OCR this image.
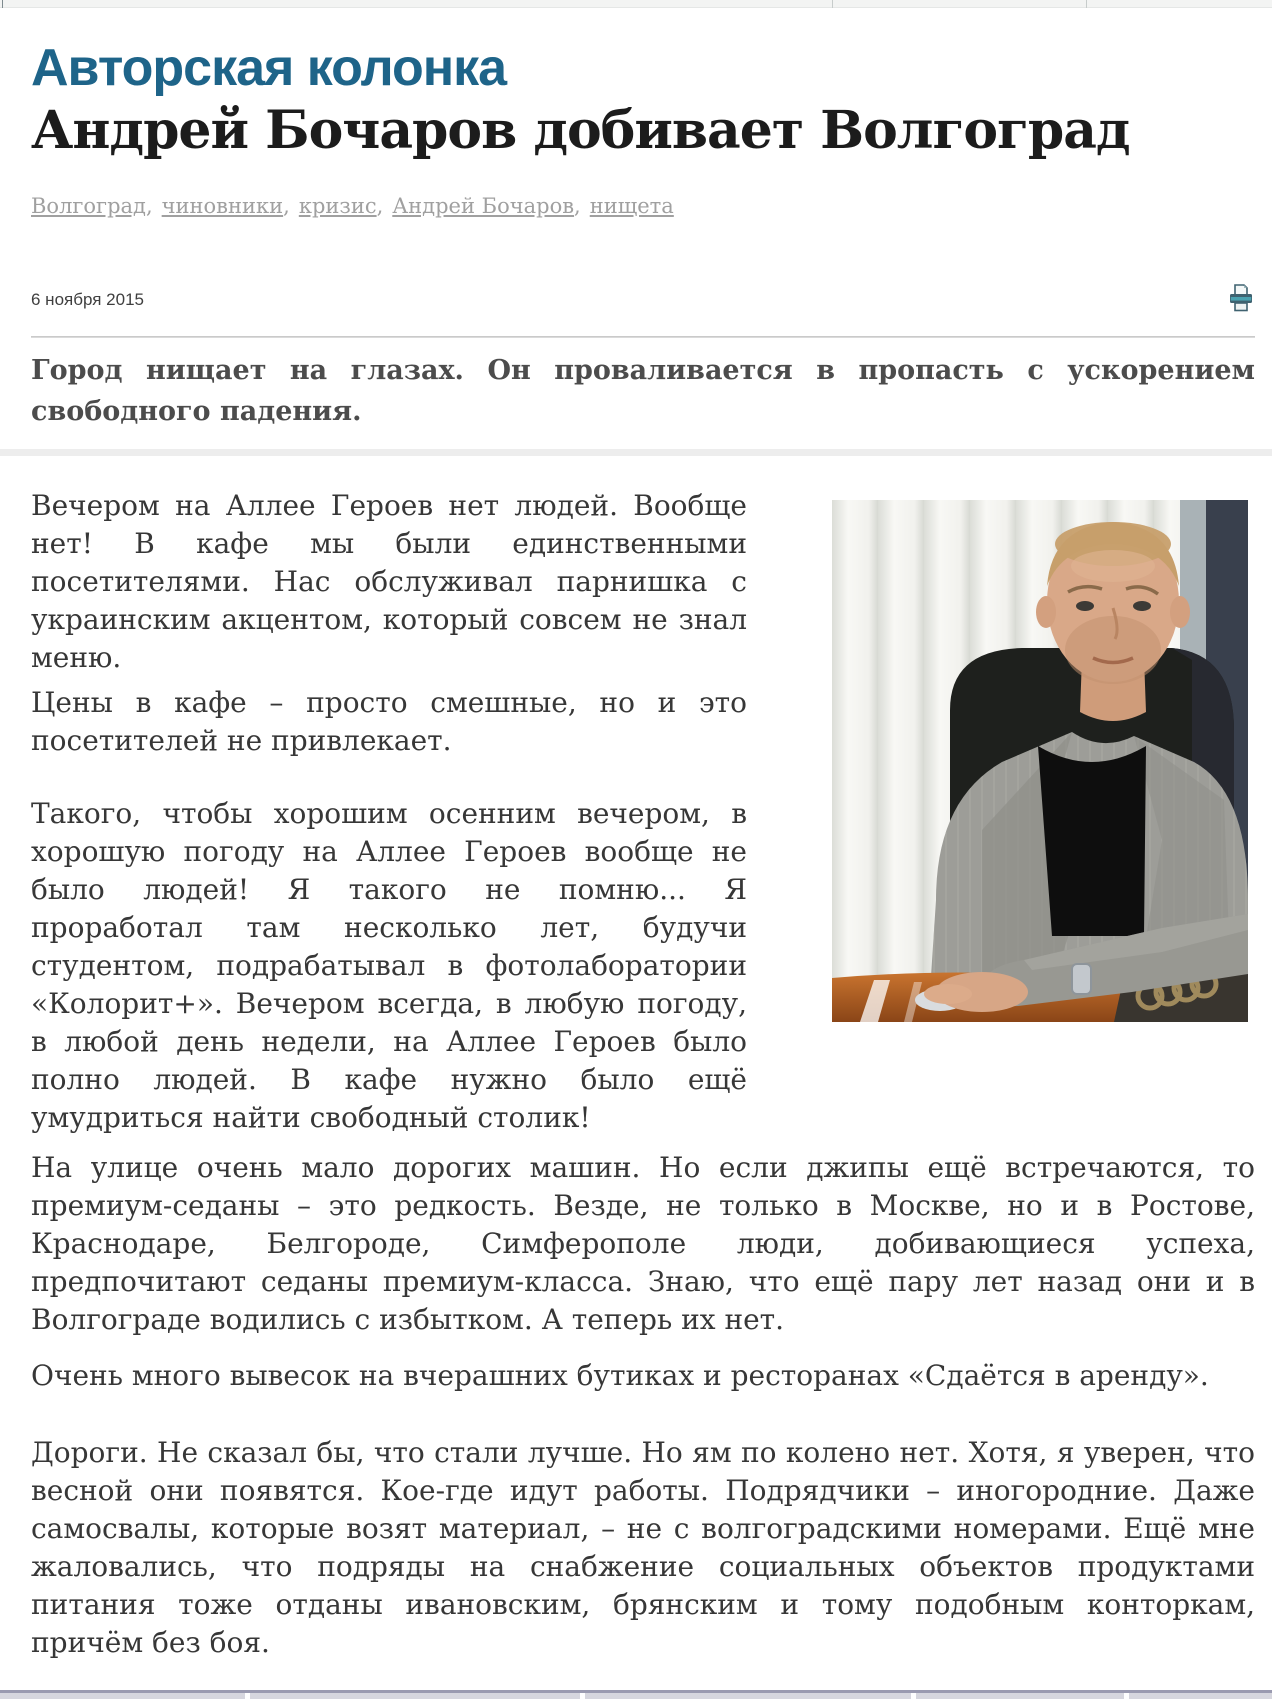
Авторская колонка
Андрей Бочаров добивает Волгоград
Волгоград, чиновники, кризис, Андрей Бочаров, нищета
6 ноября 2015

Город нищает на глазах. Он проваливается в пропасть с ускорением свободного падения.

Вечером на Аллее Героев нет людей. Вообще нет! В кафе мы были единственными посетителями. Нас обслуживал парнишка с украинским акцентом, который совсем не знал меню.

Цены в кафе – просто смешные, но и это посетителей не привлекает.

Такого, чтобы хорошим осенним вечером, в хорошую погоду на Аллее Героев вообще не было людей! Я такого не помню... Я проработал там несколько лет, будучи студентом, подрабатывал в фотолаборатории «Колорит+». Вечером всегда, в любую погоду, в любой день недели, на Аллее Героев было полно людей. В кафе нужно было ещё умудриться найти свободный столик!

На улице очень мало дорогих машин. Но если джипы ещё встречаются, то премиум-седаны – это редкость. Везде, не только в Москве, но и в Ростове, Краснодаре, Белгороде, Симферополе люди, добивающиеся успеха, предпочитают седаны премиум-класса. Знаю, что ещё пару лет назад они и в Волгограде водились с избытком. А теперь их нет.

Очень много вывесок на вчерашних бутиках и ресторанах «Сдаётся в аренду».

Дороги. Не сказал бы, что стали лучше. Но ям по колено нет. Хотя, я уверен, что весной они появятся. Кое-где идут работы. Подрядчики – иногородние. Даже самосвалы, которые возят материал, – не с волгоградскими номерами. Ещё мне жаловались, что подряды на снабжение социальных объектов продуктами питания тоже отданы ивановским, брянским и тому подобным конторкам, причём без боя.
